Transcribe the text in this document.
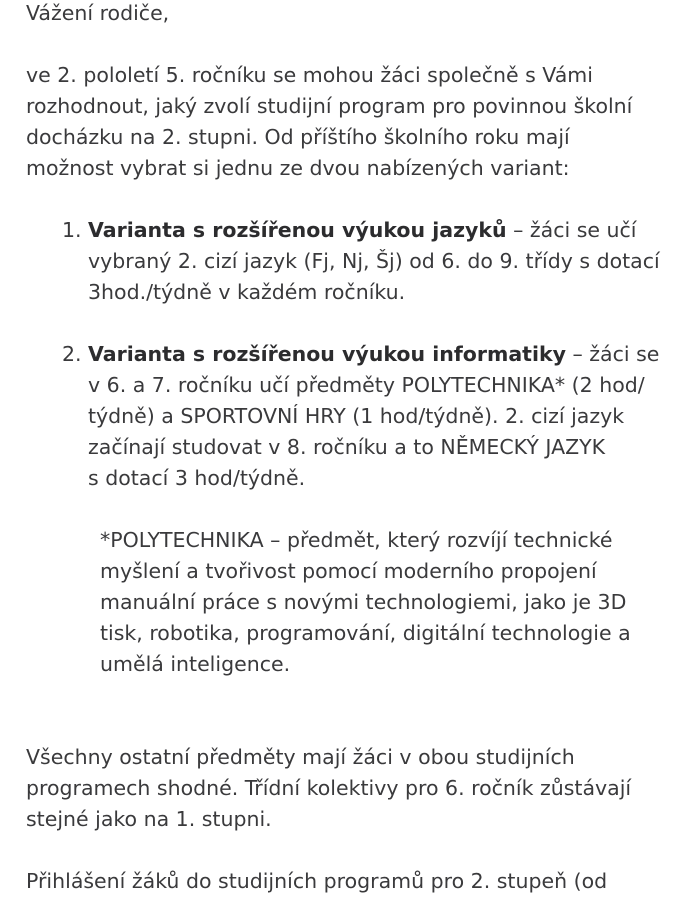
Vážení rodiče,

ve 2. pololetí 5. ročníku se mohou žáci společně s Vámi
rozhodnout, jaký zvolí studijní program pro povinnou školní
docházku na 2. stupni. Od příštího školního roku mají
možnost vybrat si jednu ze dvou nabízených variant:

1. Varianta s rozšířenou výukou jazyků – žáci se učí
vybraný 2. cizí jazyk (Fj, Nj, Šj) od 6. do 9. třídy s dotací
3hod./týdně v každém ročníku.
2. Varianta s rozšířenou výukou informatiky – žáci se
v 6. a 7. ročníku učí předměty POLYTECHNIKA* (2 hod/
týdně) a SPORTOVNÍ HRY (1 hod/týdně). 2. cizí jazyk
začínají studovat v 8. ročníku a to NĚMECKÝ JAZYK
s dotací 3 hod/týdně.

*POLYTECHNIKA – předmět, který rozvíjí technické
myšlení a tvořivost pomocí moderního propojení
manuální práce s novými technologiemi, jako je 3D
tisk, robotika, programování, digitální technologie a
umělá inteligence.

Všechny ostatní předměty mají žáci v obou studijních
programech shodné. Třídní kolektivy pro 6. ročník zůstávají
stejné jako na 1. stupni.

Přihlášení žáků do studijních programů pro 2. stupeň (od
